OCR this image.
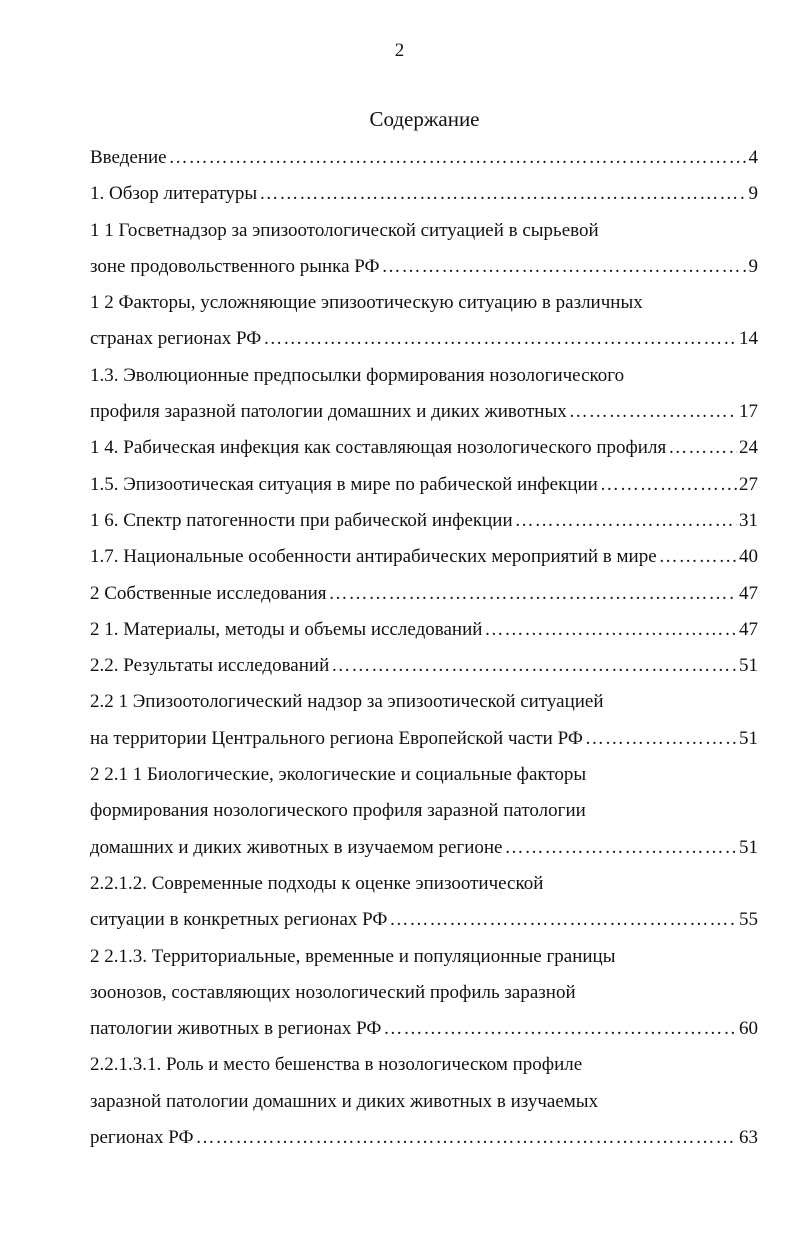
2
Содержание
Введение ……………………………………………………………………………………………………………………	4
1. Обзор литературы ……………………………………………………………………………………………………………………	9
1 1 Госветнадзор за эпизоотологической ситуацией в сырьевой
зоне продовольственного рынка РФ ……………………………………………………………………………………………………………………	9
1 2 Факторы, усложняющие эпизоотическую ситуацию в различных
странах регионах РФ ……………………………………………………………………………………………………………………	14
1.3. Эволюционные предпосылки формирования нозологического
профиля заразной патологии домашних и диких животных ……………………………………………………………………………………………………………………	17
1 4. Рабическая инфекция как составляющая нозологического профиля ……………………………………………………………………………………………………………………	24
1.5. Эпизоотическая ситуация в мире по рабической инфекции ……………………………………………………………………………………………………………………	27
1 6. Спектр патогенности при рабической инфекции ……………………………………………………………………………………………………………………	31
1.7. Национальные особенности антирабических мероприятий в мире ……………………………………………………………………………………………………………………	40
2 Собственные исследования ……………………………………………………………………………………………………………………	47
2 1. Материалы, методы и объемы исследований ……………………………………………………………………………………………………………………	47
2.2. Результаты исследований ……………………………………………………………………………………………………………………	51
2.2 1 Эпизоотологический надзор за эпизоотической ситуацией
на территории Центрального региона Европейской части РФ ……………………………………………………………………………………………………………………	51
2 2.1 1 Биологические, экологические и социальные факторы
формирования нозологического профиля заразной патологии
домашних и диких животных в изучаемом регионе ……………………………………………………………………………………………………………………	51
2.2.1.2. Современные подходы к оценке эпизоотической
ситуации в конкретных регионах РФ ……………………………………………………………………………………………………………………	55
2 2.1.3. Территориальные, временные и популяционные границы
зоонозов, составляющих нозологический профиль заразной
патологии животных в регионах РФ ……………………………………………………………………………………………………………………	60
2.2.1.3.1. Роль и место бешенства в нозологическом профиле
заразной патологии домашних и диких животных в изучаемых
регионах РФ ……………………………………………………………………………………………………………………	63
